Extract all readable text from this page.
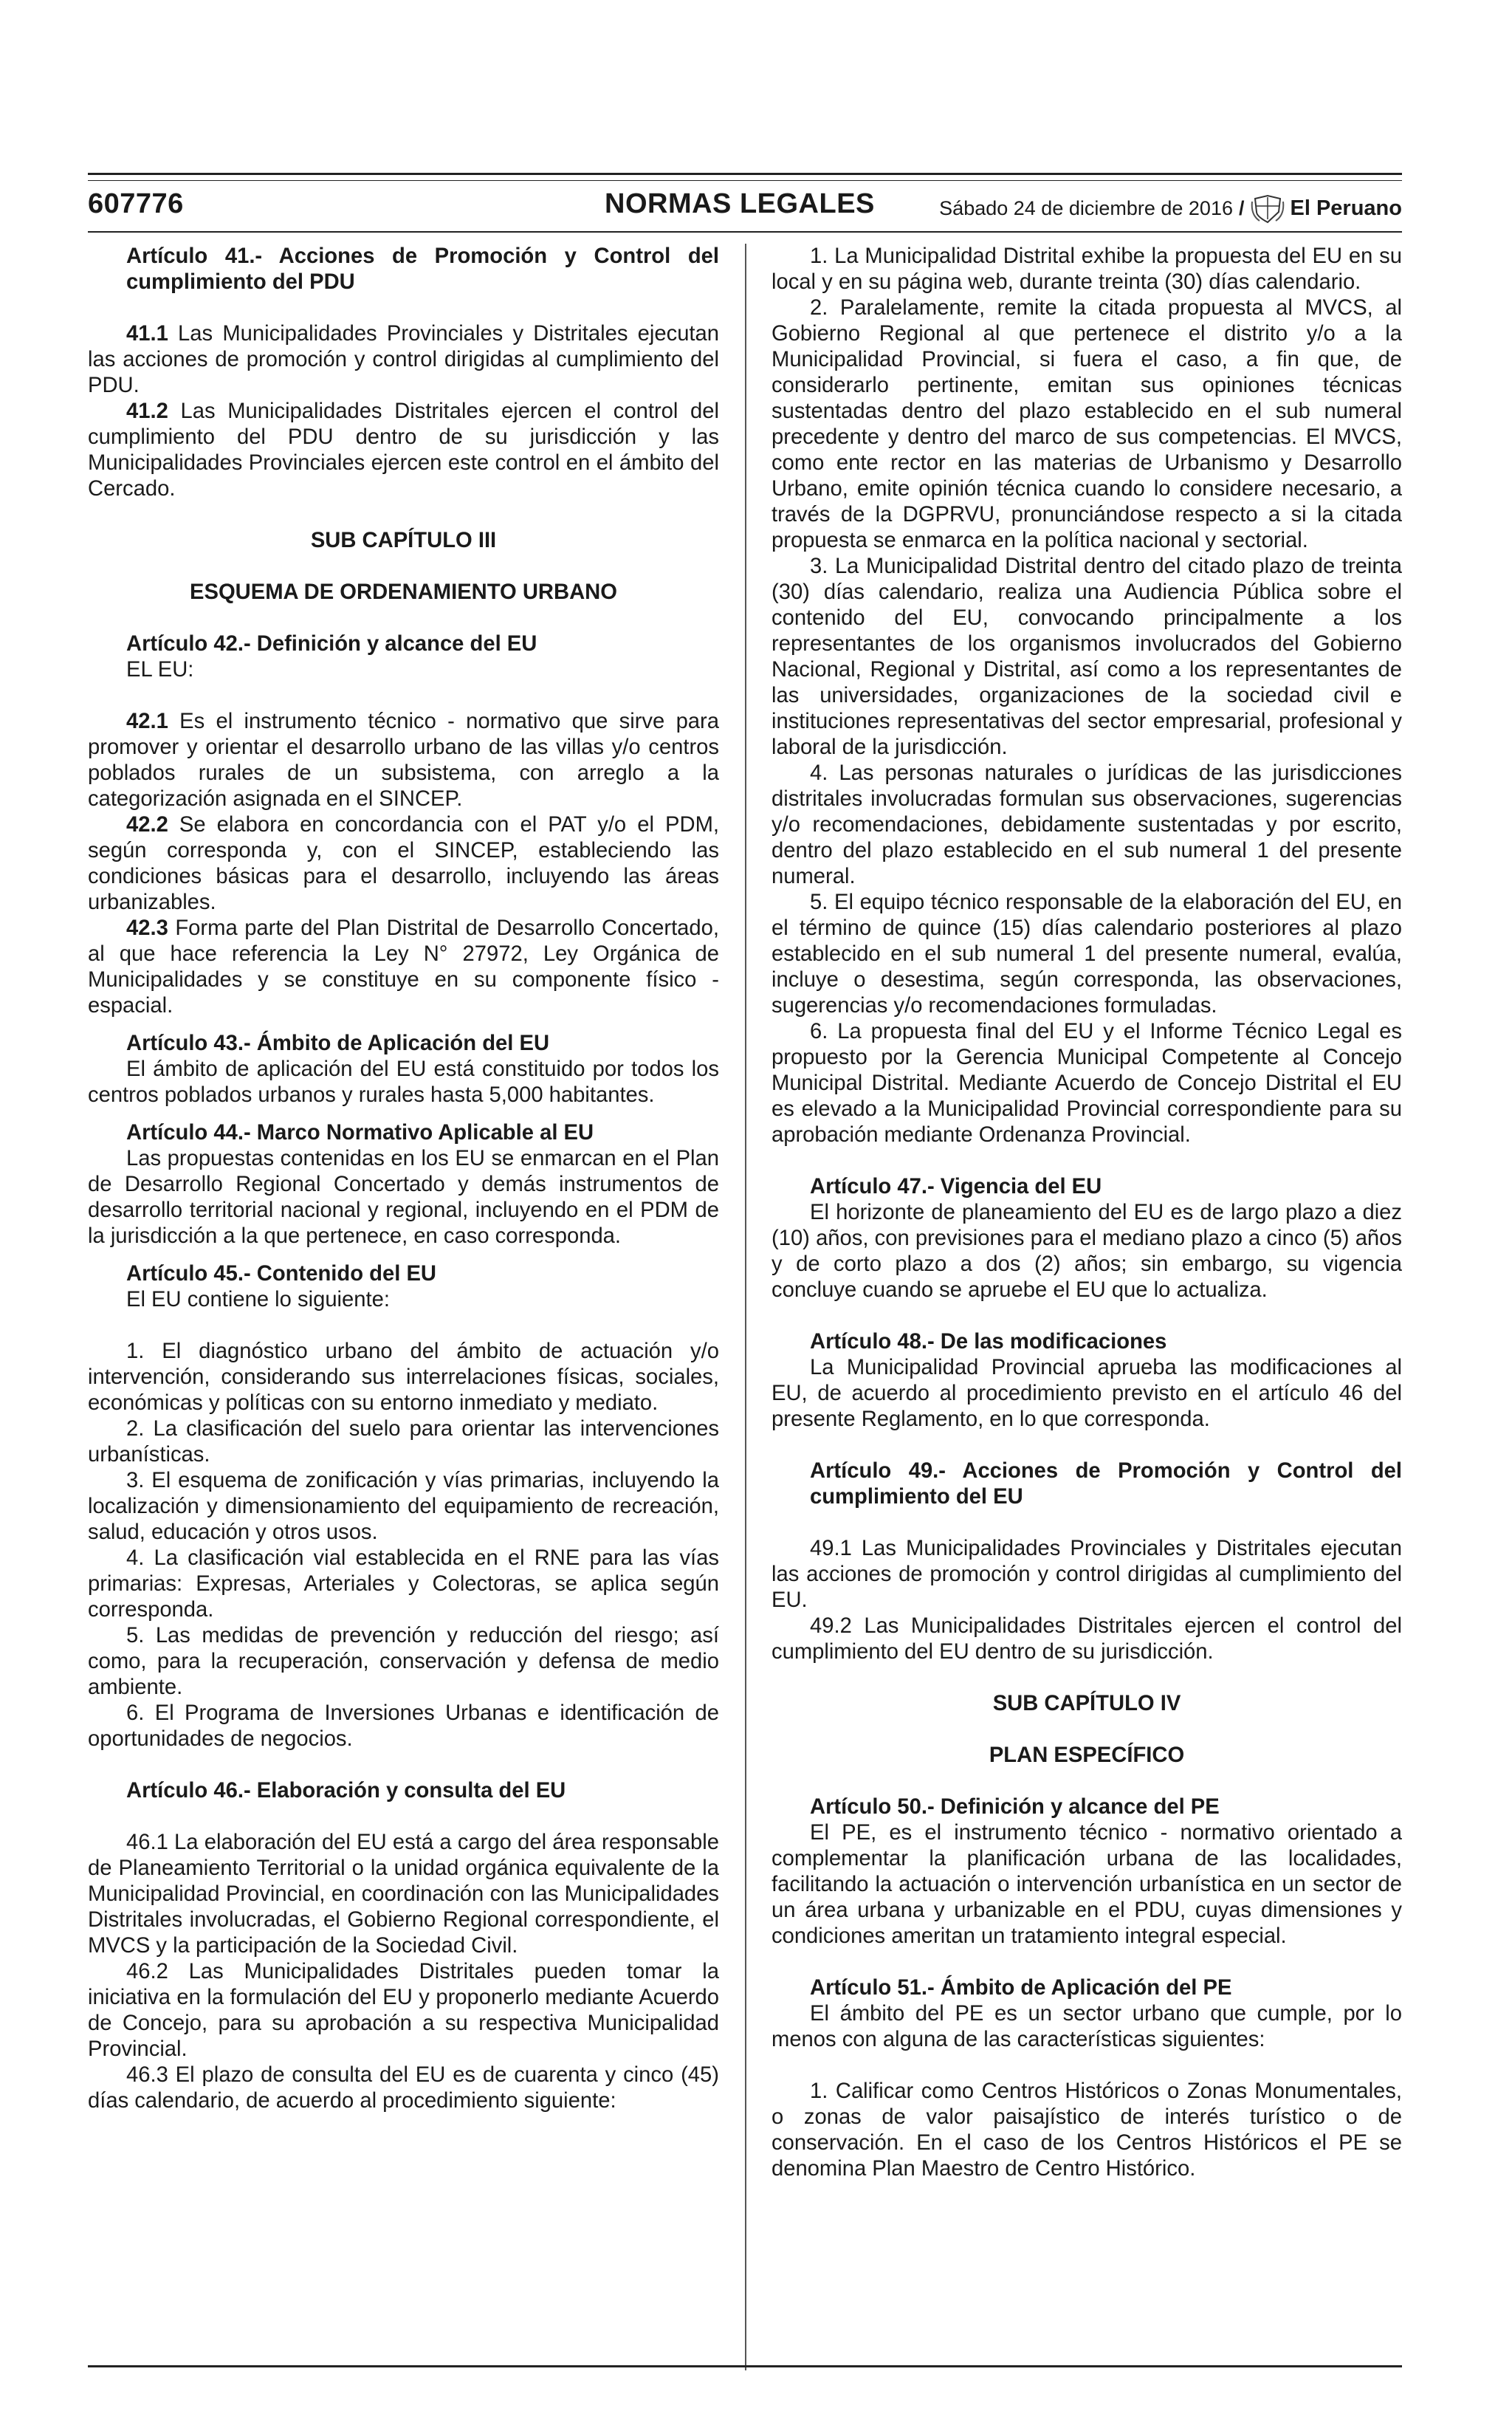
607776	NORMAS LEGALES	Sábado 24 de diciembre de 2016 / El Peruano

Artículo 41.- Acciones de Promoción y Control del cumplimiento del PDU

41.1 Las Municipalidades Provinciales y Distritales ejecutan las acciones de promoción y control dirigidas al cumplimiento del PDU.

41.2 Las Municipalidades Distritales ejercen el control del cumplimiento del PDU dentro de su jurisdicción y las Municipalidades Provinciales ejercen este control en el ámbito del Cercado.

SUB CAPÍTULO III

ESQUEMA DE ORDENAMIENTO URBANO

Artículo 42.- Definición y alcance del EU

EL EU:

42.1 Es el instrumento técnico - normativo que sirve para promover y orientar el desarrollo urbano de las villas y/o centros poblados rurales de un subsistema, con arreglo a la categorización asignada en el SINCEP.

42.2 Se elabora en concordancia con el PAT y/o el PDM, según corresponda y, con el SINCEP, estableciendo las condiciones básicas para el desarrollo, incluyendo las áreas urbanizables.

42.3 Forma parte del Plan Distrital de Desarrollo Concertado, al que hace referencia la Ley N° 27972, Ley Orgánica de Municipalidades y se constituye en su componente físico - espacial.

Artículo 43.- Ámbito de Aplicación del EU

El ámbito de aplicación del EU está constituido por todos los centros poblados urbanos y rurales hasta 5,000 habitantes.

Artículo 44.- Marco Normativo Aplicable al EU

Las propuestas contenidas en los EU se enmarcan en el Plan de Desarrollo Regional Concertado y demás instrumentos de desarrollo territorial nacional y regional, incluyendo en el PDM de la jurisdicción a la que pertenece, en caso corresponda.

Artículo 45.- Contenido del EU

El EU contiene lo siguiente:

1. El diagnóstico urbano del ámbito de actuación y/o intervención, considerando sus interrelaciones físicas, sociales, económicas y políticas con su entorno inmediato y mediato.

2. La clasificación del suelo para orientar las intervenciones urbanísticas.

3. El esquema de zonificación y vías primarias, incluyendo la localización y dimensionamiento del equipamiento de recreación, salud, educación y otros usos.

4. La clasificación vial establecida en el RNE para las vías primarias: Expresas, Arteriales y Colectoras, se aplica según corresponda.

5. Las medidas de prevención y reducción del riesgo; así como, para la recuperación, conservación y defensa de medio ambiente.

6. El Programa de Inversiones Urbanas e identificación de oportunidades de negocios.

Artículo 46.- Elaboración y consulta del EU

46.1 La elaboración del EU está a cargo del área responsable de Planeamiento Territorial o la unidad orgánica equivalente de la Municipalidad Provincial, en coordinación con las Municipalidades Distritales involucradas, el Gobierno Regional correspondiente, el MVCS y la participación de la Sociedad Civil.

46.2 Las Municipalidades Distritales pueden tomar la iniciativa en la formulación del EU y proponerlo mediante Acuerdo de Concejo, para su aprobación a su respectiva Municipalidad Provincial.

46.3 El plazo de consulta del EU es de cuarenta y cinco (45) días calendario, de acuerdo al procedimiento siguiente:

1. La Municipalidad Distrital exhibe la propuesta del EU en su local y en su página web, durante treinta (30) días calendario.

2. Paralelamente, remite la citada propuesta al MVCS, al Gobierno Regional al que pertenece el distrito y/o a la Municipalidad Provincial, si fuera el caso, a fin que, de considerarlo pertinente, emitan sus opiniones técnicas sustentadas dentro del plazo establecido en el sub numeral precedente y dentro del marco de sus competencias. El MVCS, como ente rector en las materias de Urbanismo y Desarrollo Urbano, emite opinión técnica cuando lo considere necesario, a través de la DGPRVU, pronunciándose respecto a si la citada propuesta se enmarca en la política nacional y sectorial.

3. La Municipalidad Distrital dentro del citado plazo de treinta (30) días calendario, realiza una Audiencia Pública sobre el contenido del EU, convocando principalmente a los representantes de los organismos involucrados del Gobierno Nacional, Regional y Distrital, así como a los representantes de las universidades, organizaciones de la sociedad civil e instituciones representativas del sector empresarial, profesional y laboral de la jurisdicción.

4. Las personas naturales o jurídicas de las jurisdicciones distritales involucradas formulan sus observaciones, sugerencias y/o recomendaciones, debidamente sustentadas y por escrito, dentro del plazo establecido en el sub numeral 1 del presente numeral.

5. El equipo técnico responsable de la elaboración del EU, en el término de quince (15) días calendario posteriores al plazo establecido en el sub numeral 1 del presente numeral, evalúa, incluye o desestima, según corresponda, las observaciones, sugerencias y/o recomendaciones formuladas.

6. La propuesta final del EU y el Informe Técnico Legal es propuesto por la Gerencia Municipal Competente al Concejo Municipal Distrital. Mediante Acuerdo de Concejo Distrital el EU es elevado a la Municipalidad Provincial correspondiente para su aprobación mediante Ordenanza Provincial.

Artículo 47.- Vigencia del EU

El horizonte de planeamiento del EU es de largo plazo a diez (10) años, con previsiones para el mediano plazo a cinco (5) años y de corto plazo a dos (2) años; sin embargo, su vigencia concluye cuando se apruebe el EU que lo actualiza.

Artículo 48.- De las modificaciones

La Municipalidad Provincial aprueba las modificaciones al EU, de acuerdo al procedimiento previsto en el artículo 46 del presente Reglamento, en lo que corresponda.

Artículo 49.- Acciones de Promoción y Control del cumplimiento del EU

49.1 Las Municipalidades Provinciales y Distritales ejecutan las acciones de promoción y control dirigidas al cumplimiento del EU.

49.2 Las Municipalidades Distritales ejercen el control del cumplimiento del EU dentro de su jurisdicción.

SUB CAPÍTULO IV

PLAN ESPECÍFICO

Artículo 50.- Definición y alcance del PE

El PE, es el instrumento técnico - normativo orientado a complementar la planificación urbana de las localidades, facilitando la actuación o intervención urbanística en un sector de un área urbana y urbanizable en el PDU, cuyas dimensiones y condiciones ameritan un tratamiento integral especial.

Artículo 51.- Ámbito de Aplicación del PE

El ámbito del PE es un sector urbano que cumple, por lo menos con alguna de las características siguientes:

1. Calificar como Centros Históricos o Zonas Monumentales, o zonas de valor paisajístico de interés turístico o de conservación. En el caso de los Centros Históricos el PE se denomina Plan Maestro de Centro Histórico.
